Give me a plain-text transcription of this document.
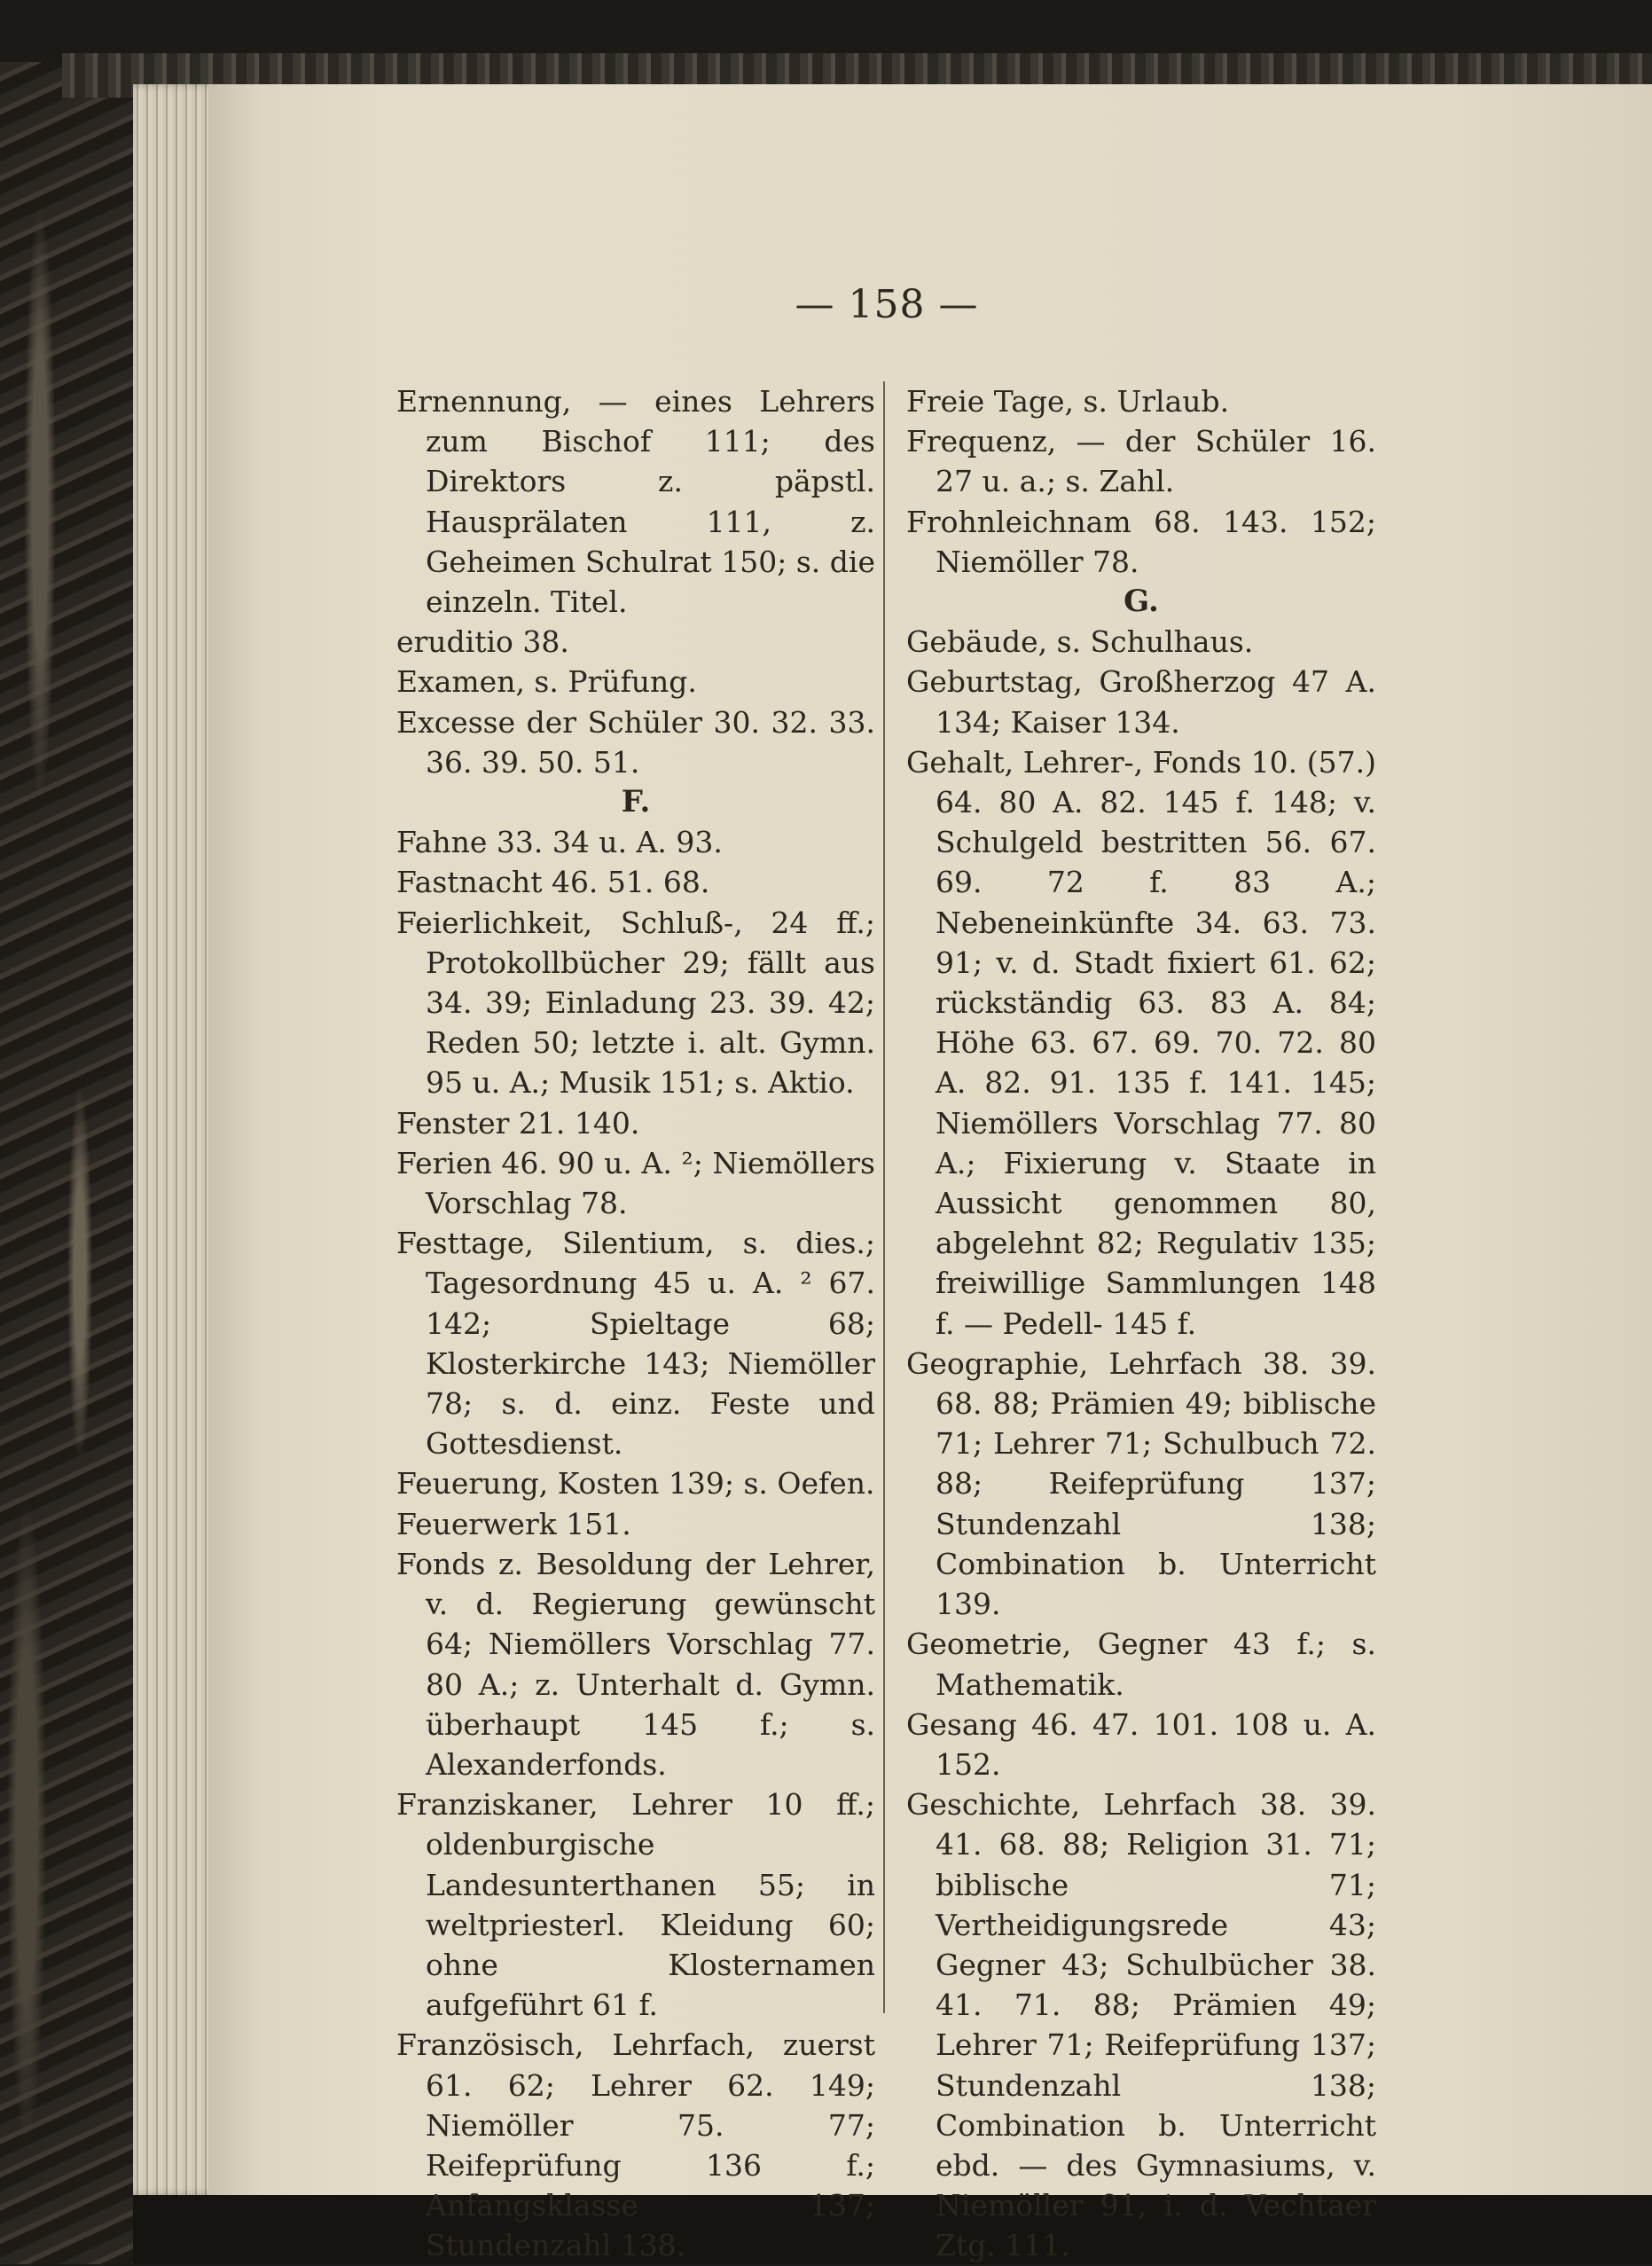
— 158 —
Ernennung, — eines Lehrers zum Bischof 111; des Direktors z. päpstl. Hausprälaten 111, z. Geheimen Schulrat 150; s. die einzeln. Titel.
eruditio 38.
Examen, s. Prüfung.
Excesse der Schüler 30. 32. 33. 36. 39. 50. 51.
F.
Fahne 33. 34 u. A. 93.
Fastnacht 46. 51. 68.
Feierlichkeit, Schluß-, 24 ff.; Protokollbücher 29; fällt aus 34. 39; Einladung 23. 39. 42; Reden 50; letzte i. alt. Gymn. 95 u. A.; Musik 151; s. Aktio.
Fenster 21. 140.
Ferien 46. 90 u. A. ²; Niemöllers Vorschlag 78.
Festtage, Silentium, s. dies.; Tagesordnung 45 u. A. ² 67. 142; Spieltage 68; Klosterkirche 143; Niemöller 78; s. d. einz. Feste und Gottesdienst.
Feuerung, Kosten 139; s. Oefen.
Feuerwerk 151.
Fonds z. Besoldung der Lehrer, v. d. Regierung gewünscht 64; Niemöllers Vorschlag 77. 80 A.; z. Unterhalt d. Gymn. überhaupt 145 f.; s. Alexanderfonds.
Franziskaner, Lehrer 10 ff.; oldenburgische Landesunterthanen 55; in weltpriesterl. Kleidung 60; ohne Klosternamen aufgeführt 61 f.
Französisch, Lehrfach, zuerst 61. 62; Lehrer 62. 149; Niemöller 75. 77; Reifeprüfung 136 f.; Anfangsklasse 137; Stundenzahl 138.
Freie Tage, s. Urlaub.
Frequenz, — der Schüler 16. 27 u. a.; s. Zahl.
Frohnleichnam 68. 143. 152; Niemöller 78.
G.
Gebäude, s. Schulhaus.
Geburtstag, Großherzog 47 A. 134; Kaiser 134.
Gehalt, Lehrer-, Fonds 10. (57.) 64. 80 A. 82. 145 f. 148; v. Schulgeld bestritten 56. 67. 69. 72 f. 83 A.; Nebeneinkünfte 34. 63. 73. 91; v. d. Stadt fixiert 61. 62; rückständig 63. 83 A. 84; Höhe 63. 67. 69. 70. 72. 80 A. 82. 91. 135 f. 141. 145; Niemöllers Vorschlag 77. 80 A.; Fixierung v. Staate in Aussicht genommen 80, abgelehnt 82; Regulativ 135; freiwillige Sammlungen 148 f. — Pedell- 145 f.
Geographie, Lehrfach 38. 39. 68. 88; Prämien 49; biblische 71; Lehrer 71; Schulbuch 72. 88; Reifeprüfung 137; Stundenzahl 138; Combination b. Unterricht 139.
Geometrie, Gegner 43 f.; s. Mathematik.
Gesang 46. 47. 101. 108 u. A. 152.
Geschichte, Lehrfach 38. 39. 41. 68. 88; Religion 31. 71; biblische 71; Vertheidigungsrede 43; Gegner 43; Schulbücher 38. 41. 71. 88; Prämien 49; Lehrer 71; Reifeprüfung 137; Stundenzahl 138; Combination b. Unterricht ebd. — des Gymnasiums, v. Niemöller 91, i. d. Vechtaer Ztg. 111.
